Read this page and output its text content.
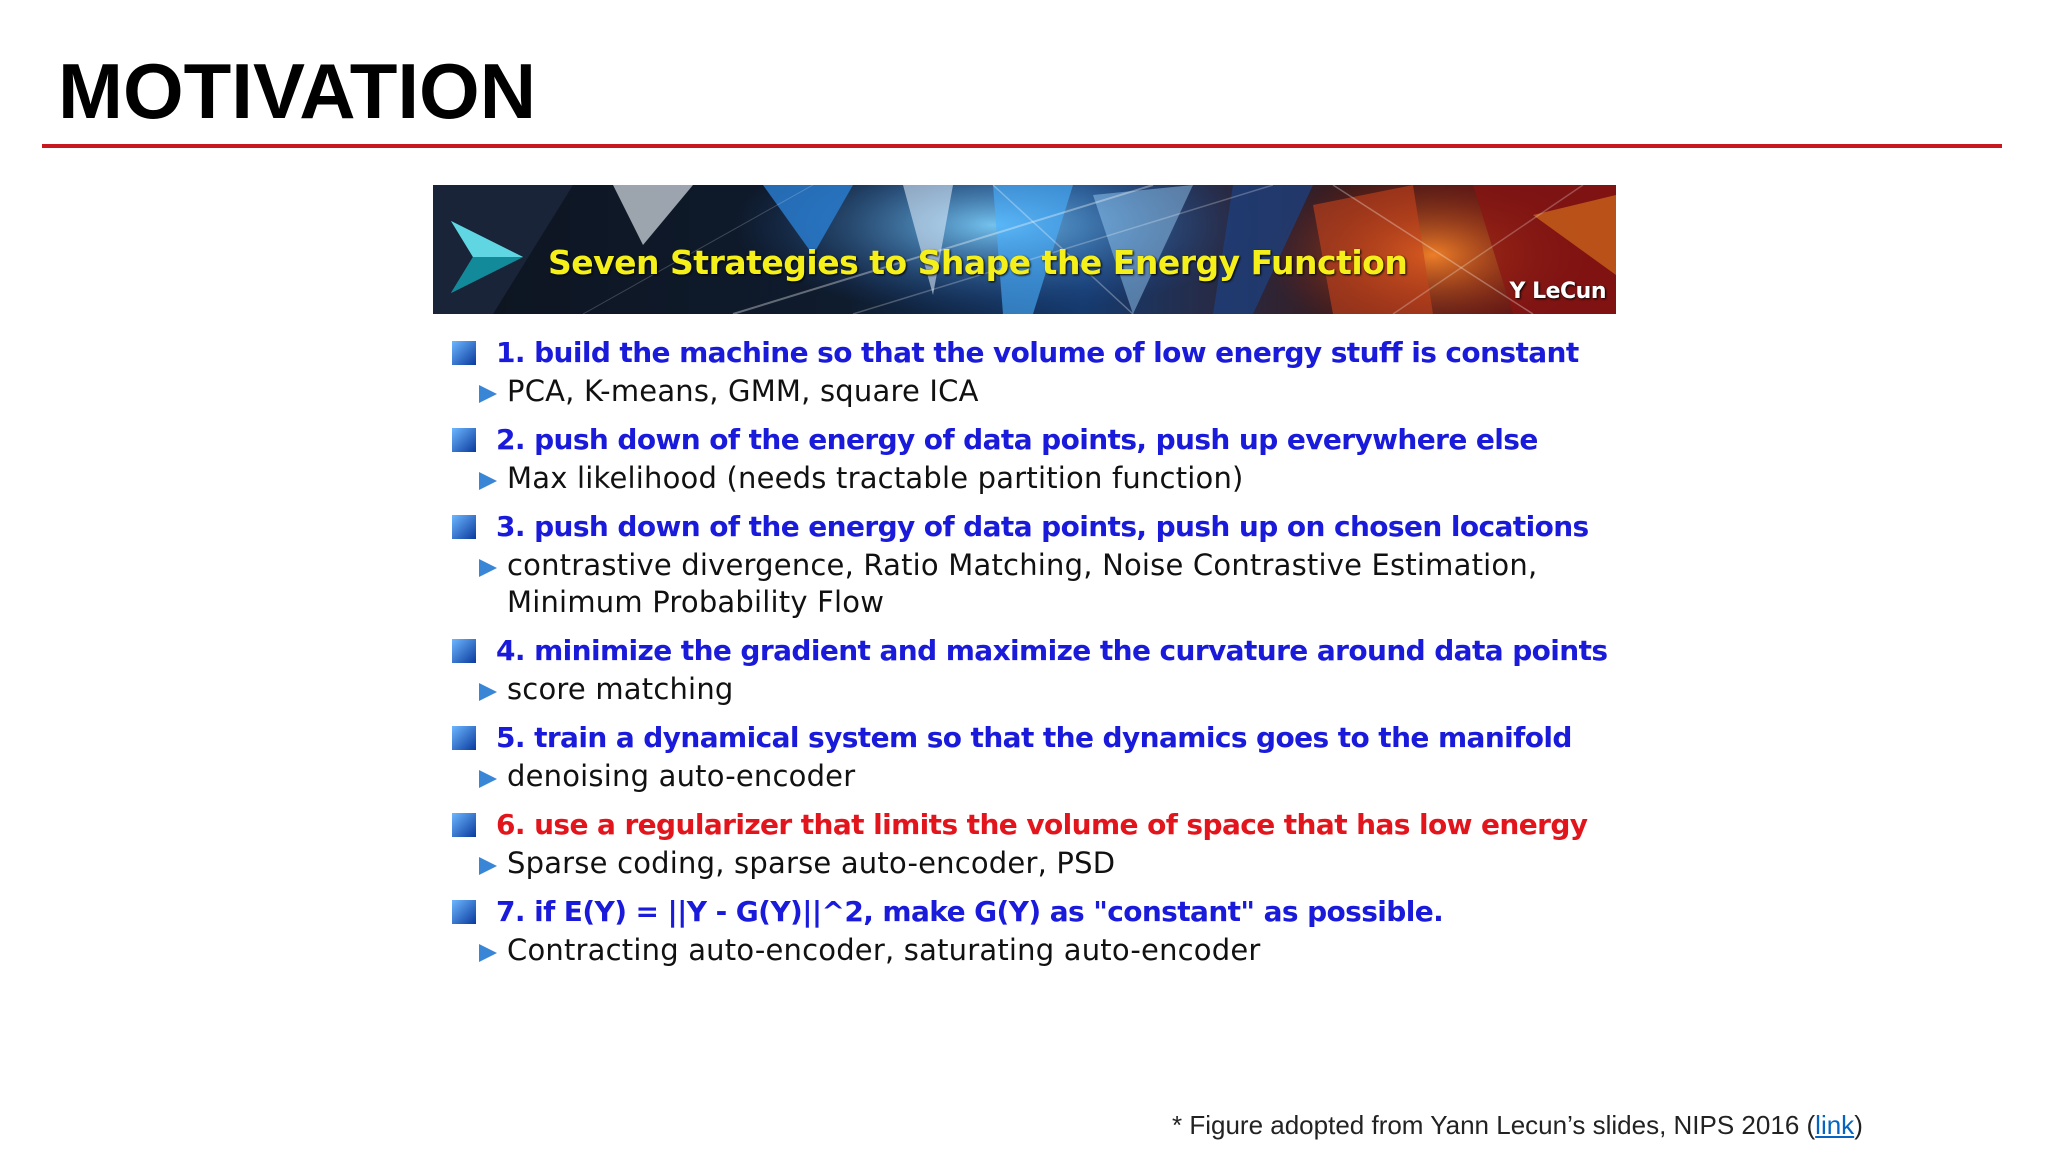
MOTIVATION
Seven Strategies to Shape the Energy Function
Y LeCun
1. build the machine so that the volume of low energy stuff is constant
PCA, K-means, GMM, square ICA
2. push down of the energy of data points, push up everywhere else
Max likelihood (needs tractable partition function)
3. push down of the energy of data points, push up on chosen locations
contrastive divergence, Ratio Matching, Noise Contrastive Estimation, Minimum Probability Flow
4. minimize the gradient and maximize the curvature around data points
score matching
5. train a dynamical system so that the dynamics goes to the manifold
denoising auto-encoder
6. use a regularizer that limits the volume of space that has low energy
Sparse coding, sparse auto-encoder, PSD
7. if E(Y) = ||Y - G(Y)||^2, make G(Y) as "constant" as possible.
Contracting auto-encoder, saturating auto-encoder
* Figure adopted from Yann Lecun’s slides, NIPS 2016 (link)
